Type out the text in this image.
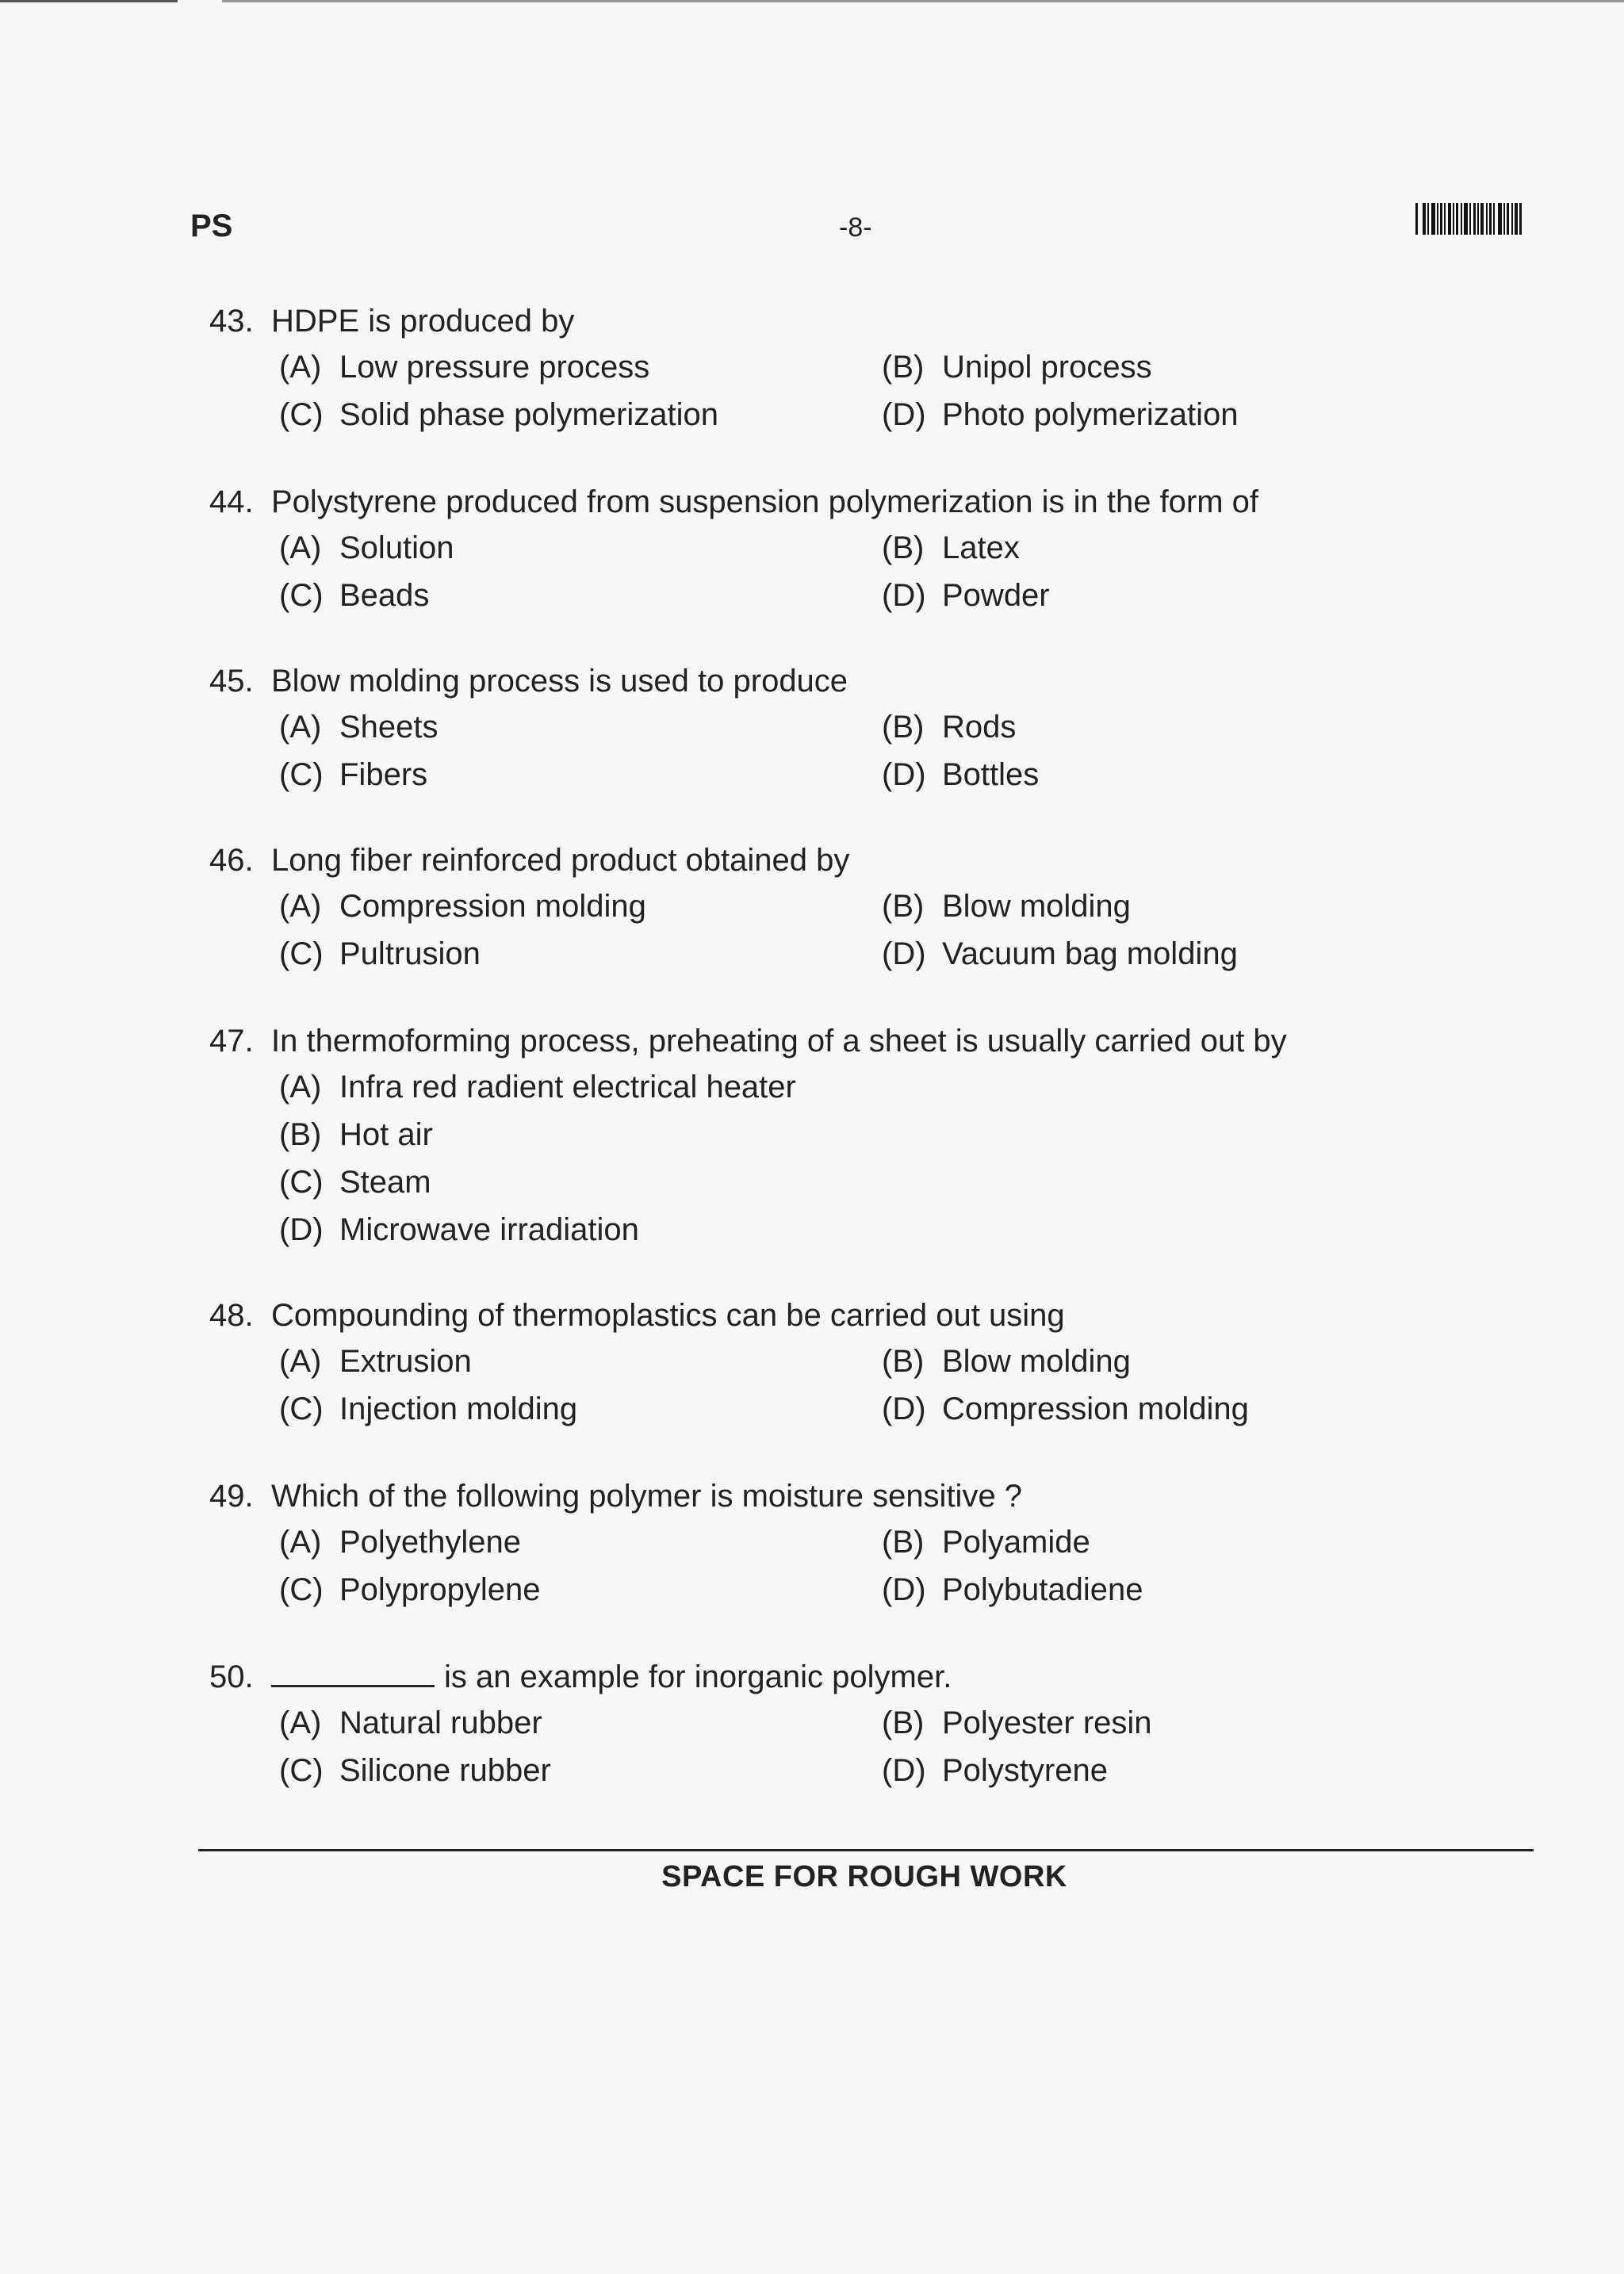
PS	-8-
43. HDPE is produced by
(A) Low pressure process	(B) Unipol process
(C) Solid phase polymerization	(D) Photo polymerization
44. Polystyrene produced from suspension polymerization is in the form of
(A) Solution	(B) Latex
(C) Beads	(D) Powder
45. Blow molding process is used to produce
(A) Sheets	(B) Rods
(C) Fibers	(D) Bottles
46. Long fiber reinforced product obtained by
(A) Compression molding	(B) Blow molding
(C) Pultrusion	(D) Vacuum bag molding
47. In thermoforming process, preheating of a sheet is usually carried out by
(A) Infra red radient electrical heater
(B) Hot air
(C) Steam
(D) Microwave irradiation
48. Compounding of thermoplastics can be carried out using
(A) Extrusion	(B) Blow molding
(C) Injection molding	(D) Compression molding
49. Which of the following polymer is moisture sensitive ?
(A) Polyethylene	(B) Polyamide
(C) Polypropylene	(D) Polybutadiene
50.	is an example for inorganic polymer.
(A) Natural rubber	(B) Polyester resin
(C) Silicone rubber	(D) Polystyrene
SPACE FOR ROUGH WORK
